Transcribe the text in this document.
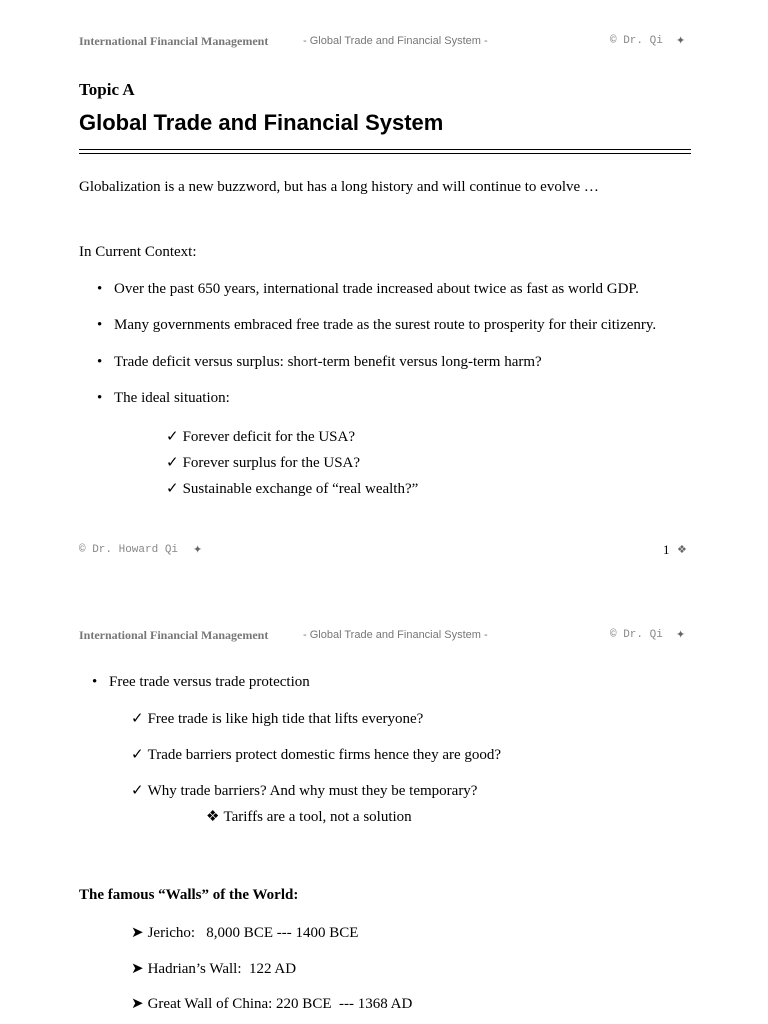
International Financial Management	- Global Trade and Financial System -	© Dr. Qi ✦
Topic A
Global Trade and Financial System
Globalization is a new buzzword, but has a long history and will continue to evolve …
In Current Context:
• Over the past 650 years, international trade increased about twice as fast as world GDP.
• Many governments embraced free trade as the surest route to prosperity for their citizenry.
• Trade deficit versus surplus: short-term benefit versus long-term harm?
• The ideal situation:
✓ Forever deficit for the USA?
✓ Forever surplus for the USA?
✓ Sustainable exchange of “real wealth?”
© Dr. Howard Qi ✦	1 ❖
International Financial Management	- Global Trade and Financial System -	© Dr. Qi ✦
• Free trade versus trade protection
✓ Free trade is like high tide that lifts everyone?
✓ Trade barriers protect domestic firms hence they are good?
✓ Why trade barriers? And why must they be temporary?
❖ Tariffs are a tool, not a solution
The famous “Walls” of the World:
➤ Jericho:   8,000 BCE --- 1400 BCE
➤ Hadrian’s Wall:  122 AD
➤ Great Wall of China: 220 BCE  --- 1368 AD
